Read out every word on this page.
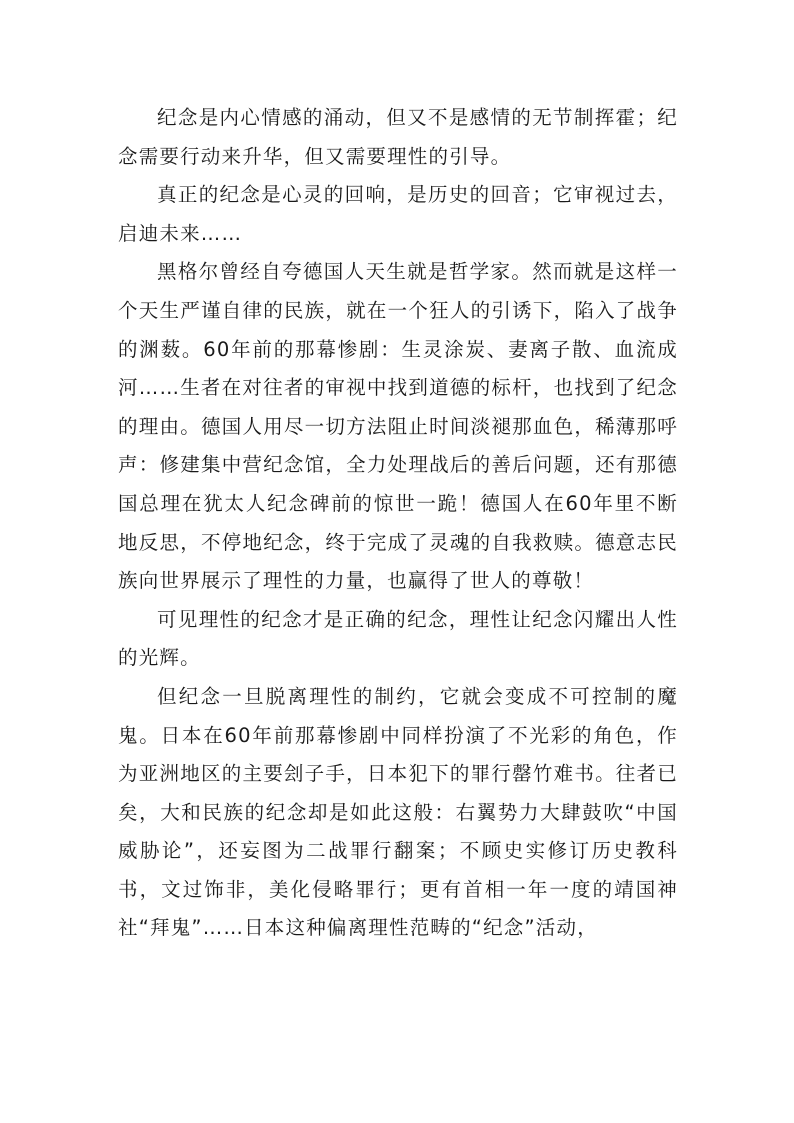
纪念是内心情感的涌动，但又不是感情的无节制挥霍；纪念需要行动来升华，但又需要理性的引导。

真正的纪念是心灵的回响，是历史的回音；它审视过去，启迪未来……

黑格尔曾经自夸德国人天生就是哲学家。然而就是这样一个天生严谨自律的民族，就在一个狂人的引诱下，陷入了战争的渊薮。60年前的那幕惨剧：生灵涂炭、妻离子散、血流成河……生者在对往者的审视中找到道德的标杆，也找到了纪念的理由。德国人用尽一切方法阻止时间淡褪那血色，稀薄那呼声：修建集中营纪念馆，全力处理战后的善后问题，还有那德国总理在犹太人纪念碑前的惊世一跪！德国人在60年里不断地反思，不停地纪念，终于完成了灵魂的自我救赎。德意志民族向世界展示了理性的力量，也赢得了世人的尊敬！

可见理性的纪念才是正确的纪念，理性让纪念闪耀出人性的光辉。

但纪念一旦脱离理性的制约，它就会变成不可控制的魔鬼。日本在60年前那幕惨剧中同样扮演了不光彩的角色，作为亚洲地区的主要刽子手，日本犯下的罪行罄竹难书。往者已矣，大和民族的纪念却是如此这般：右翼势力大肆鼓吹“中国威胁论”，还妄图为二战罪行翻案；不顾史实修订历史教科书，文过饰非，美化侵略罪行；更有首相一年一度的靖国神社“拜鬼”……日本这种偏离理性范畴的“纪念”活动，
